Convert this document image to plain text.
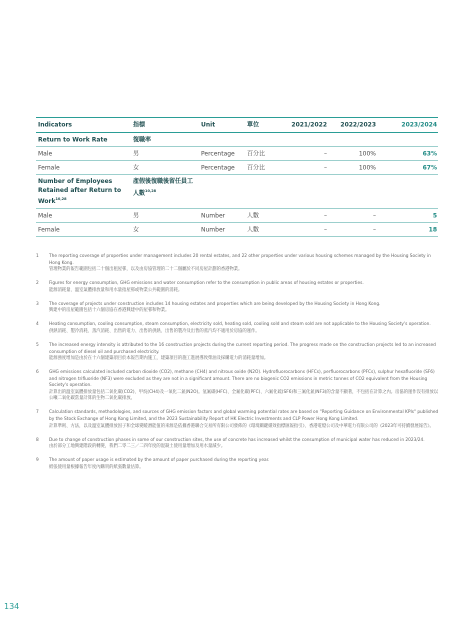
Indicators	指標	Unit	單位	2021/2022 2022/2023	2023/2024
Return to Work Rate	復職率
Male	男	Percentage 百分比	–	100%	63%
Female	女	Percentage 百分比	–	100%	67%
Number of Employees Retained after Return to Work$^{10,28}$
產假後復職後留任員工人數$^{10,28}$
Male	男	Number	人數	–	–	5
Female	女	Number	人數	–	–	18
1 The reporting coverage of properties under management includes 20 rental estates, and 22 other properties under various housing schemes managed by the Housing Society in Hong Kong.

管理物業的報告範圍包括二十個出租屋邨，以及由房協管理的二十二個屬於不同房屋計劃的香港物業。

2 Figures for energy consumption, GHG emissions and water consumption refer to the consumption in public areas of housing estates or properties.

能源消耗量、溫室氣體排放量和用水量指屋邨或物業公共範圍的消耗。

3 The coverage of projects under construction includes 14 housing estates and properties which are being developed by the Housing Society in Hong Kong.

興建中的房屋範圍包括十六個房協在香港興建中的屋邨和物業。

4 Heating consumption, cooling consumption, steam consumption, electricity sold, heating sold, cooling sold and steam sold are not applicable to the Housing Society's operation.

供熱消耗、製冷消耗、蒸汽消耗、出售的電力、出售的供熱、出售的製冷及出售的蒸汽均不適用於房協的運作。

5 The increased energy intensity is attributed to the 16 construction projects during the current reporting period. The progress made on the construction projects led to an increased consumption of diesel oil and purchased electricity.

能源強度增加是由於在十六個建築項目於本報告期內施工，建築項目的施工進展導致柴油及採購電力的消耗量增加。

6 GHG emissions calculated included carbon dioxide (CO2), methane (CH4) and nitrous oxide (N2O). Hydrofluorocarbons (HFCs), perfluorocarbons (PFCs), sulphur hexafluoride (SF6) and nitrogen trifluoride (NF3) were excluded as they are not in a significant amount. There are no biogenic CO2 emissions in metric tonnes of CO2 equivalent from the Housing Society's operation.

計算出的溫室氣體排放量包括二氧化碳(CO2)、甲烷(CH4)及一氧化二氮(N2O)。氫氟碳(HFC)、全氟化碳(PFC)、六氟化硫(SF6)和三氟化氮(NF3)的含量不顯著，不包括在計算之內。房協的運作沒有排放以公噸二氧化碳當量計算的生物二氧化碳排放。

7 Calculation standards, methodologies, and sources of GHG emission factors and global warming potential rates are based on "Reporting Guidance on Environmental KPIs" published by the Stock Exchange of Hong Kong Limited, and the 2023 Sustainability Report of HK Electric Investments and CLP Power Hong Kong Limited.

計算準則、方法，以及溫室氣體排放因子和全球變暖潛能值的來源是依據香港聯合交易所有限公司發佈的《環境關鍵績效指標匯報指引》、香港電燈公司及中華電力有限公司的《2023年可持續發展報告》。

8 Due to change of construction phases in some of our construction sites, the use of concrete has increased whilst the consumption of municipal water has reduced in 2023/24.

由於部分工地興建階段的轉變，我們二零二三／二四年度的混凝土使用量增加及用水量減少。

9 The amount of paper usage is estimated by the amount of paper purchased during the reporting year.

紙張使用量根據報告年度內購買的紙張數量估算。

134
